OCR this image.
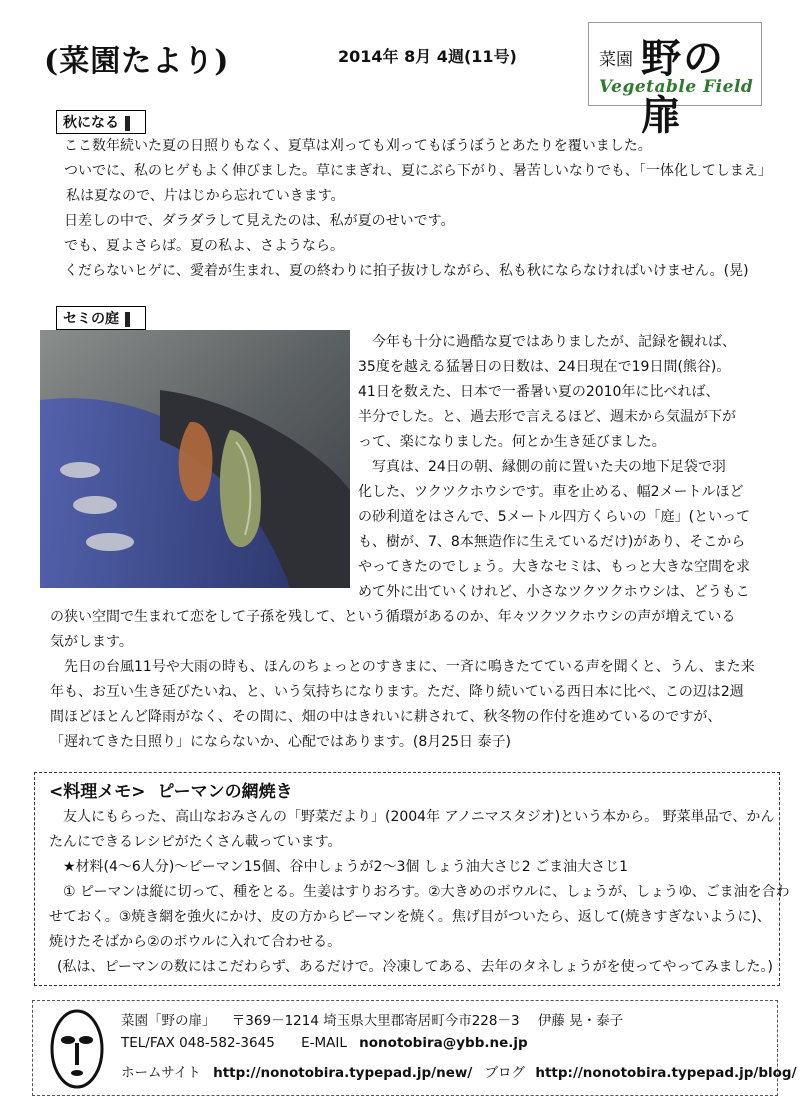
(菜園たより)	2014年 8月 4週(11号)	菜園 野の扉
Vegetable Field
秋になる
ここ数年続いた夏の日照りもなく、夏草は刈っても刈ってもぼうぼうとあたりを覆いました。
ついでに、私のヒゲもよく伸びました。草にまぎれ、夏にぶら下がり、暑苦しいなりでも、「一体化してしまえ」
私は夏なので、片はじから忘れていきます。
日差しの中で、ダラダラして見えたのは、私が夏のせいです。
でも、夏よさらば。夏の私よ、さようなら。
くだらないヒゲに、愛着が生まれ、夏の終わりに拍子抜けしながら、私も秋にならなければいけません。(晃)
セミの庭
今年も十分に過酷な夏ではありましたが、記録を観れば、
35度を越える猛暑日の日数は、24日現在で19日間(熊谷)。
41日を数えた、日本で一番暑い夏の2010年に比べれば、
半分でした。と、過去形で言えるほど、週末から気温が下が
って、楽になりました。何とか生き延びました。
写真は、24日の朝、縁側の前に置いた夫の地下足袋で羽
化した、ツクツクホウシです。車を止める、幅2メートルほど
の砂利道をはさんで、5メートル四方くらいの「庭」(といって
も、樹が、7、8本無造作に生えているだけ)があり、そこから
やってきたのでしょう。大きなセミは、もっと大きな空間を求
めて外に出ていくけれど、小さなツクツクホウシは、どうもこ
の狭い空間で生まれて恋をして子孫を残して、という循環があるのか、年々ツクツクホウシの声が増えている
気がします。
先日の台風11号や大雨の時も、ほんのちょっとのすきまに、一斉に鳴きたてている声を聞くと、うん、また来
年も、お互い生き延びたいね、と、いう気持ちになります。ただ、降り続いている西日本に比べ、この辺は2週
間ほどほとんど降雨がなく、その間に、畑の中はきれいに耕されて、秋冬物の作付を進めているのですが、
「遅れてきた日照り」にならないか、心配ではあります。(8月25日 泰子)
<料理メモ>  ピーマンの網焼き
友人にもらった、高山なおみさんの「野菜だより」(2004年 アノニマスタジオ)という本から。 野菜単品で、かん
たんにできるレシピがたくさん載っています。
★材料(4～6人分)～ピーマン15個、谷中しょうが2～3個 しょう油大さじ2 ごま油大さじ1
① ピーマンは縦に切って、種をとる。生姜はすりおろす。②大きめのボウルに、しょうが、しょうゆ、ごま油を合わ
せておく。③焼き網を強火にかけ、皮の方からピーマンを焼く。焦げ目がついたら、返して(焼きすぎないように)、
焼けたそばから②のボウルに入れて合わせる。
(私は、ピーマンの数にはこだわらず、あるだけで。冷凍してある、去年のタネしょうがを使ってやってみました。)
菜園「野の扉」 〒369－1214 埼玉県大里郡寄居町今市228－3 伊藤 晃・泰子
TEL/FAX 048-582-3645 E-MAIL nonotobira@ybb.ne.jp
ホームサイト http://nonotobira.typepad.jp/new/ ブログ http://nonotobira.typepad.jp/blog/
